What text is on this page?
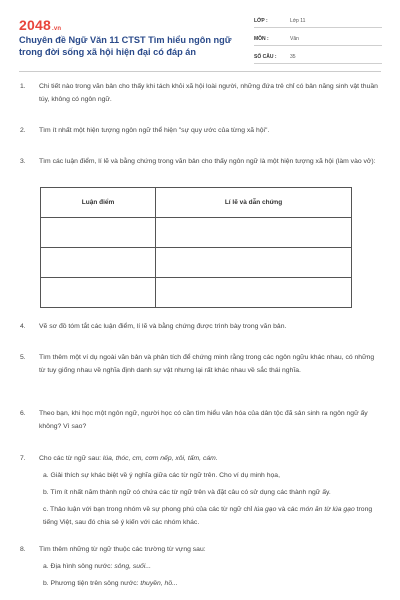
2048.vn
Chuyên đề Ngữ Văn 11 CTST Tìm hiểu ngôn ngữ trong đời sống xã hội hiện đại có đáp án
LỚP :	Lớp 11
MÔN :	Văn
SỐ CÂU :	35
1. Chi tiết nào trong văn bản cho thấy khi tách khỏi xã hội loài người, những đứa trẻ chỉ có bản năng sinh vật thuần túy, không có ngôn ngữ.
2. Tìm ít nhất một hiện tượng ngôn ngữ thể hiện "sự quy ước của từng xã hội".
3. Tìm các luận điểm, lí lẽ và bằng chứng trong văn bản cho thấy ngôn ngữ là một hiện tượng xã hội (làm vào vở):
Luận điểm	Lí lẽ và dẫn chứng

4. Vẽ sơ đồ tóm tắt các luận điểm, lí lẽ và bằng chứng được trình bày trong văn bản.
5. Tìm thêm một ví dụ ngoài văn bản và phân tích để chứng minh rằng trong các ngôn ngữu khác nhau, có những từ tuy giống nhau về nghĩa định danh sự vật nhưng lại rất khác nhau về sắc thái nghĩa.
6. Theo bạn, khi học một ngôn ngữ, người học có cần tìm hiểu văn hóa của dân tộc đã sản sinh ra ngôn ngữ ấy không? Vì sao?
7. Cho các từ ngữ sau: lúa, thóc, cm, cơm nếp, xôi, tấm, cám.
a. Giải thích sự khác biệt về ý nghĩa giữa các từ ngữ trên. Cho ví dụ minh họa,
b. Tìm ít nhất năm thành ngữ có chứa các từ ngữ trên và đặt câu có sử dụng các thành ngữ ấy.
c. Thảo luận với bạn trong nhóm về sự phong phú của các từ ngữ chỉ lúa gạo và các món ăn từ lúa gạo trong tiếng Việt, sau đó chia sẻ ý kiến với các nhóm khác.
8. Tìm thêm những từ ngữ thuộc các trường từ vựng sau:
a. Địa hình sông nước: sông, suối...
b. Phương tiện trên sông nước: thuyền, hồ...
